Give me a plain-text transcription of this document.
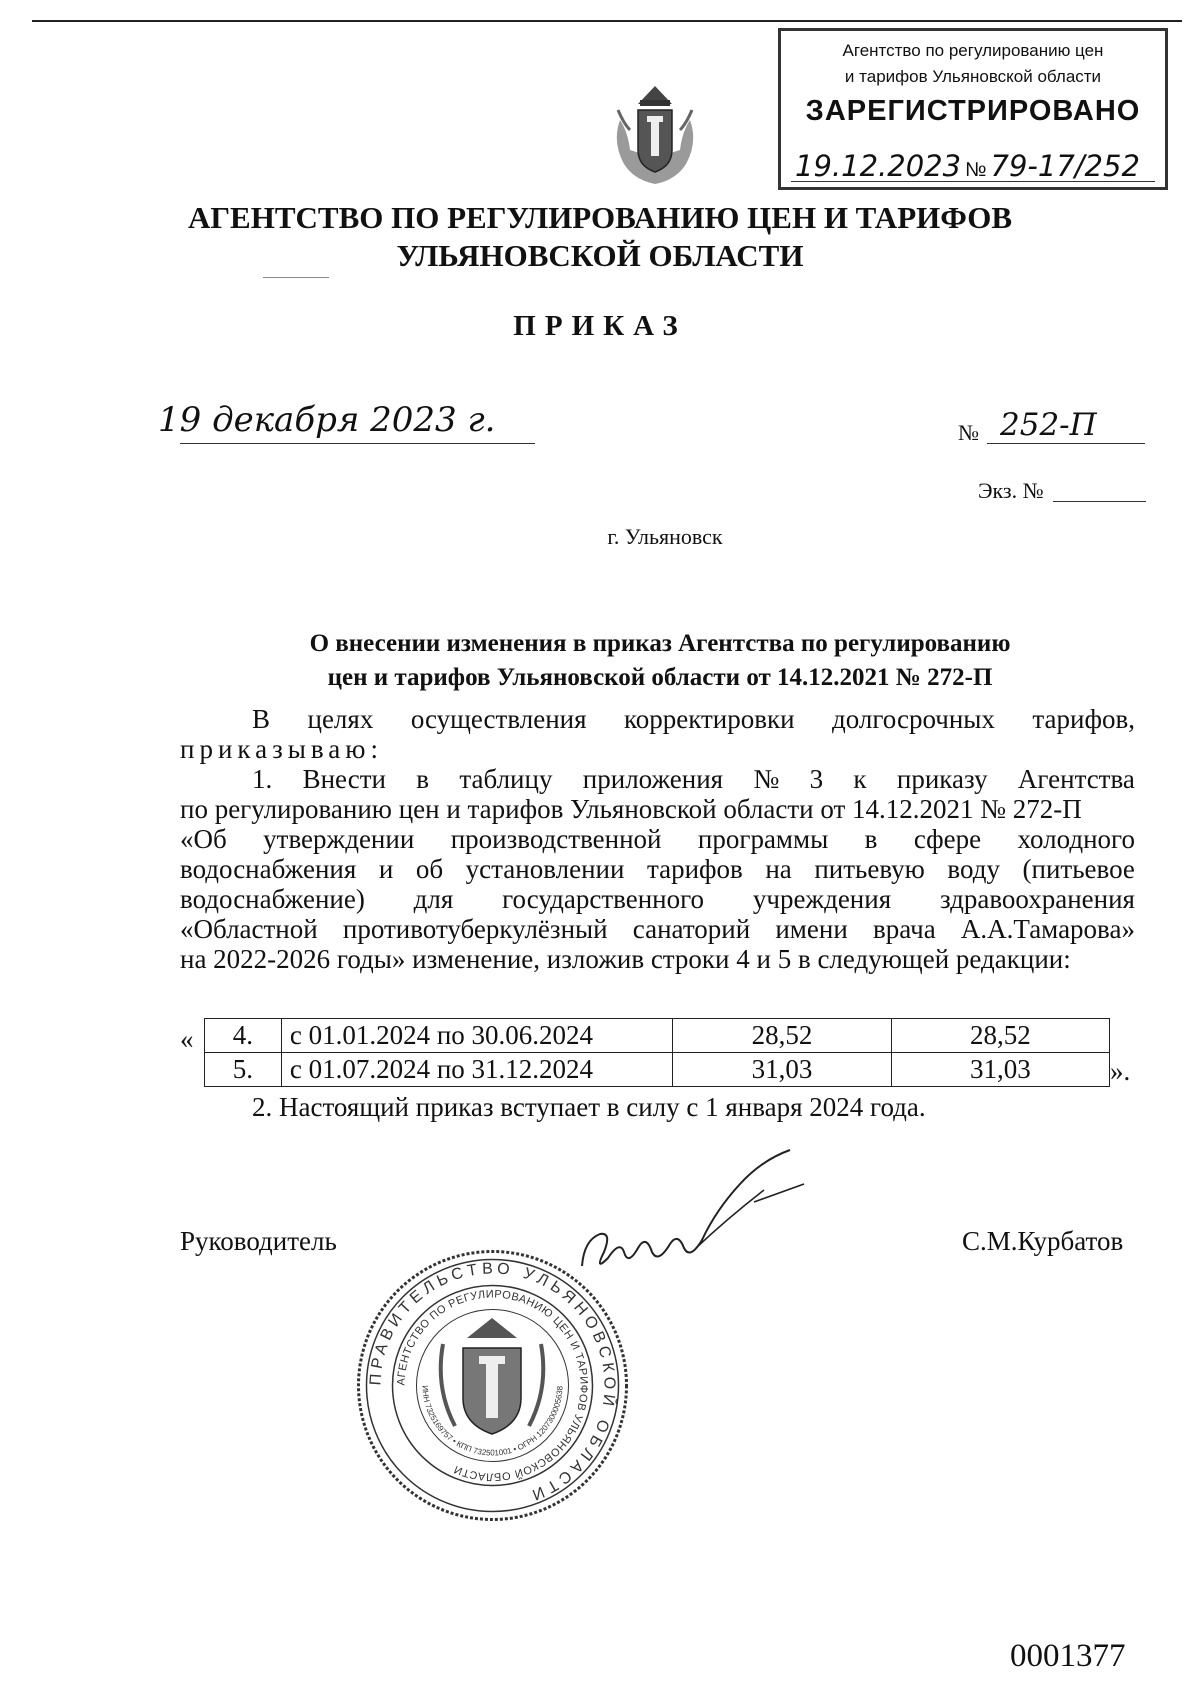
Агентство по регулированию цен
и тарифов Ульяновской области
ЗАРЕГИСТРИРОВАНО
19.12.2023 № 79-17/252
АГЕНТСТВО ПО РЕГУЛИРОВАНИЮ ЦЕН И ТАРИФОВ
УЛЬЯНОВСКОЙ ОБЛАСТИ
ПРИКАЗ
19 декабря 2023 г.	№ 252-П
Экз. №
г. Ульяновск
О внесении изменения в приказ Агентства по регулированию
цен и тарифов Ульяновской области от 14.12.2021 № 272-П
В целях осуществления корректировки долгосрочных тарифов,
приказываю:
1. Внести в таблицу приложения № 3 к приказу Агентства
по регулированию цен и тарифов Ульяновской области от 14.12.2021 № 272-П
«Об утверждении производственной программы в сфере холодного
водоснабжения и об установлении тарифов на питьевую воду (питьевое
водоснабжение) для государственного учреждения здравоохранения
«Областной противотуберкулёзный санаторий имени врача А.А.Тамарова»
на 2022-2026 годы» изменение, изложив строки 4 и 5 в следующей редакции:
« 4.	с 01.01.2024 по 30.06.2024	28,52	28,52
5.	с 01.07.2024 по 31.12.2024	31,03	31,03	».
2. Настоящий приказ вступает в силу с 1 января 2024 года.
Руководитель	С.М.Курбатов
ПРАВИТЕЛЬСТВО УЛЬЯНОВСКОЙ ОБЛАСТИ
АГЕНТСТВО ПО РЕГУЛИРОВАНИЮ ЦЕН И ТАРИФОВ УЛЬЯНОВСКОЙ ОБЛАСТИ
ИНН 7325169757 • КПП 732501001 • ОГРН 1207300005638
0001377
